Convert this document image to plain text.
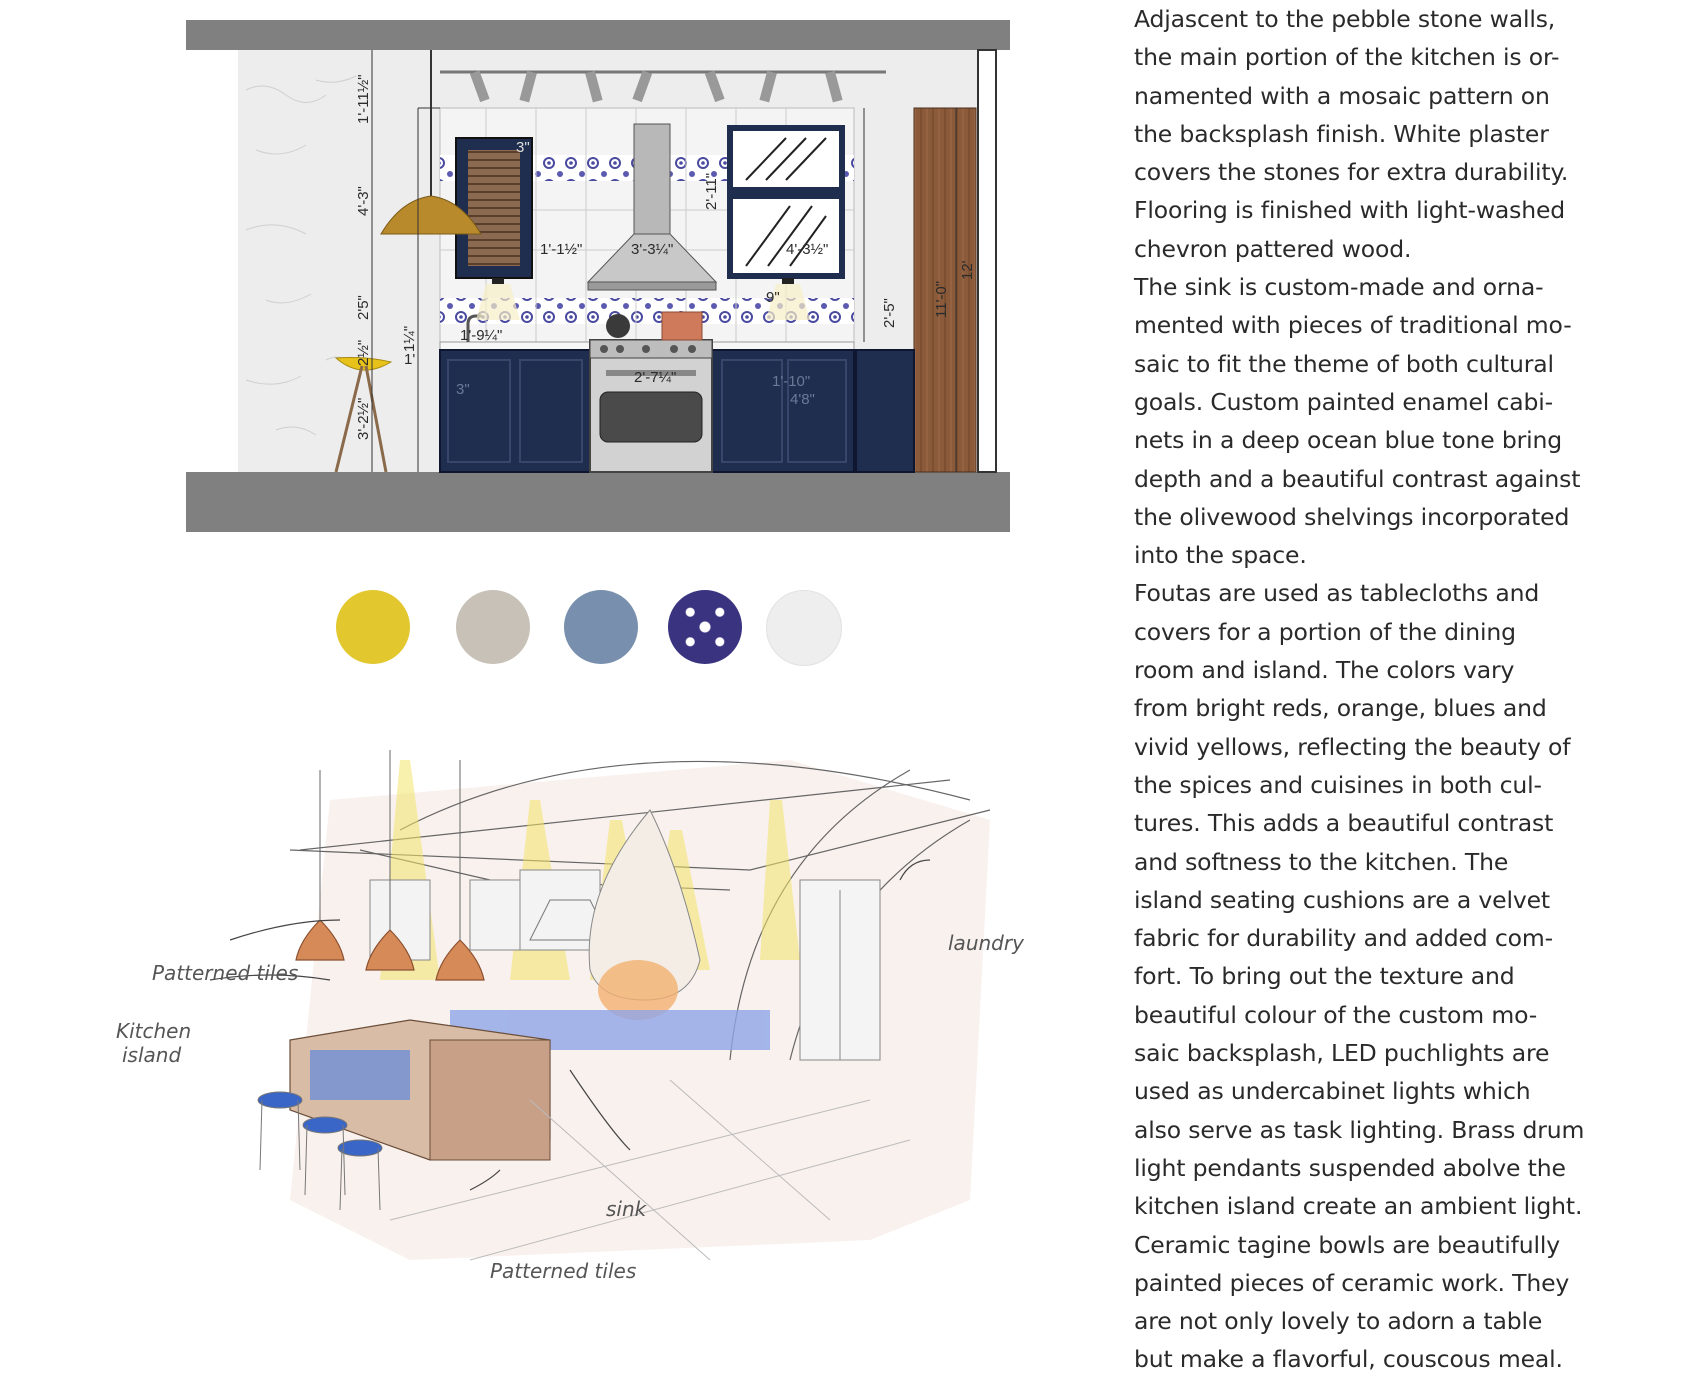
1'-11½"
4'-3"
2'5"
2½"
3'-2½"
1¼"
1'
1'-9¼"
1'-1½"	3'-3¼"	4'-3½"
2'-7¼"
2'-11"
9"
2'-5" 11'-0"
12'
4'8"
1'-10"
3"
3"
Patterned tiles
Kitchen
island
laundry
sink
Patterned tiles

Adjascent to the pebble stone walls,
the main portion of the kitchen is or-
namented with a mosaic pattern on
the backsplash finish. White plaster
covers the stones for extra durability.
Flooring is finished with light-washed
chevron pattered wood.
The sink is custom-made and orna-
mented with pieces of traditional mo-
saic to fit the theme of both cultural
goals. Custom painted enamel cabi-
nets in a deep ocean blue tone bring
depth and a beautiful contrast against
the olivewood shelvings incorporated
into the space.
Foutas are used as tablecloths and
covers for a portion of the dining
room and island. The colors vary
from bright reds, orange, blues and
vivid yellows, reflecting the beauty of
the spices and cuisines in both cul-
tures. This adds a beautiful contrast
and softness to the kitchen. The
island seating cushions are a velvet
fabric for durability and added com-
fort. To bring out the texture and
beautiful colour of the custom mo-
saic backsplash, LED puchlights are
used as undercabinet lights which
also serve as task lighting. Brass drum
light pendants suspended abolve the
kitchen island create an ambient light.
Ceramic tagine bowls are beautifully
painted pieces of ceramic work. They
are not only lovely to adorn a table
but make a flavorful, couscous meal.
